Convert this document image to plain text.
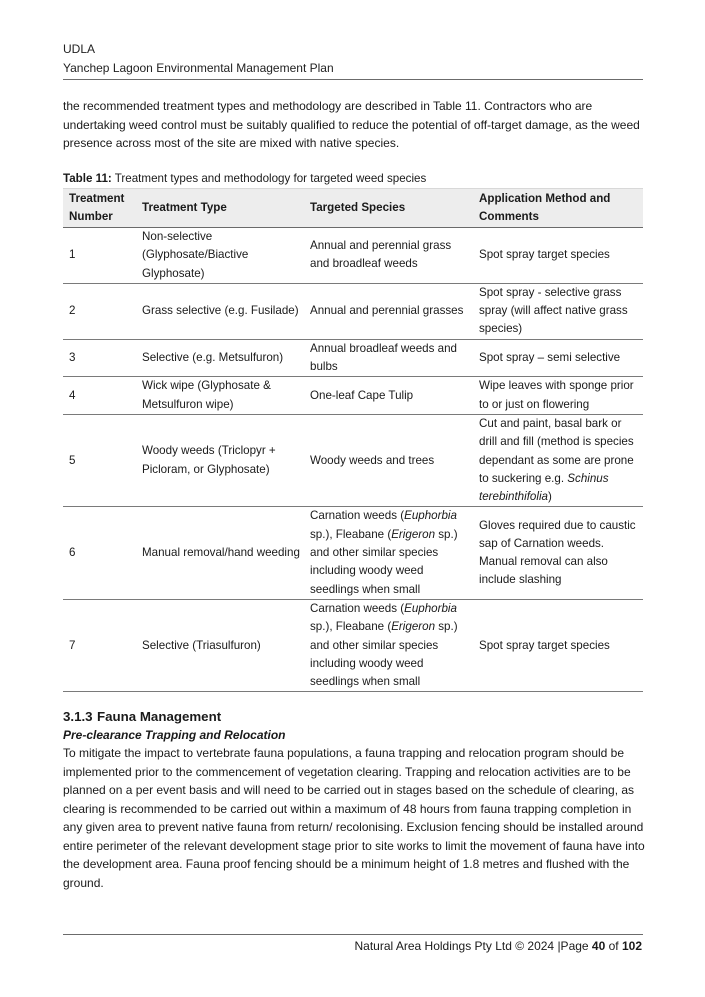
UDLA
Yanchep Lagoon Environmental Management Plan
the recommended treatment types and methodology are described in Table 11. Contractors who are undertaking weed control must be suitably qualified to reduce the potential of off-target damage, as the weed presence across most of the site are mixed with native species.
Table 11: Treatment types and methodology for targeted weed species
Treatment Number	Treatment Type	Targeted Species	Application Method and Comments
1	Non-selective (Glyphosate/Biactive Glyphosate)	Annual and perennial grass and broadleaf weeds	Spot spray target species
2	Grass selective (e.g. Fusilade)	Annual and perennial grasses	Spot spray - selective grass spray (will affect native grass species)
3	Selective (e.g. Metsulfuron)	Annual broadleaf weeds and bulbs	Spot spray – semi selective
4	Wick wipe (Glyphosate & Metsulfuron wipe)	One-leaf Cape Tulip	Wipe leaves with sponge prior to or just on flowering
5	Woody weeds (Triclopyr + Picloram, or Glyphosate)	Woody weeds and trees	Cut and paint, basal bark or drill and fill (method is species dependant as some are prone to suckering e.g. Schinus terebinthifolia)
6	Manual removal/hand weeding	Carnation weeds (Euphorbia sp.), Fleabane (Erigeron sp.) and other similar species including woody weed seedlings when small	Gloves required due to caustic sap of Carnation weeds. Manual removal can also include slashing
7	Selective (Triasulfuron)	Carnation weeds (Euphorbia sp.), Fleabane (Erigeron sp.) and other similar species including woody weed seedlings when small	Spot spray target species
3.1.3 Fauna Management
Pre-clearance Trapping and Relocation
To mitigate the impact to vertebrate fauna populations, a fauna trapping and relocation program should be implemented prior to the commencement of vegetation clearing. Trapping and relocation activities are to be planned on a per event basis and will need to be carried out in stages based on the schedule of clearing, as clearing is recommended to be carried out within a maximum of 48 hours from fauna trapping completion in any given area to prevent native fauna from return/ recolonising. Exclusion fencing should be installed around entire perimeter of the relevant development stage prior to site works to limit the movement of fauna have into the development area. Fauna proof fencing should be a minimum height of 1.8 metres and flushed with the ground.
Natural Area Holdings Pty Ltd © 2024 |Page 40 of 102
